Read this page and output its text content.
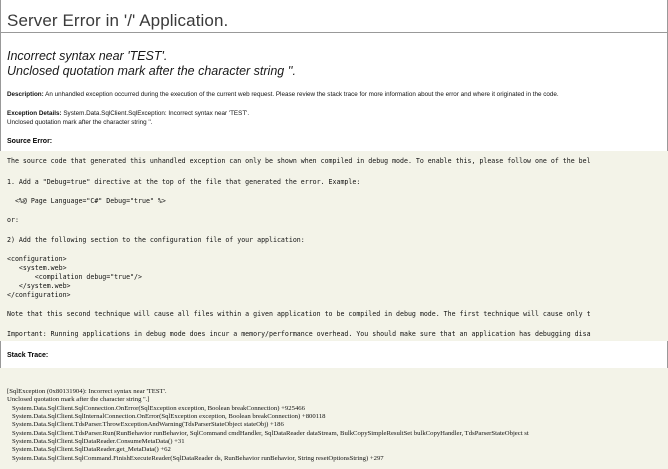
Server Error in '/' Application.
Incorrect syntax near 'TEST'.
Unclosed quotation mark after the character string ''.
Description: An unhandled exception occurred during the execution of the current web request. Please review the stack trace for more information about the error and where it originated in the code.
Exception Details: System.Data.SqlClient.SqlException: Incorrect syntax near 'TEST'.
Unclosed quotation mark after the character string ''.
Source Error:
The source code that generated this unhandled exception can only be shown when compiled in debug mode. To enable this, please follow one of the bel
1. Add a "Debug=true" directive at the top of the file that generated the error. Example:
<%@ Page Language="C#" Debug="true" %>
or:
2) Add the following section to the configuration file of your application:
<configuration>
<system.web>
<compilation debug="true"/>
</system.web>
</configuration>
Note that this second technique will cause all files within a given application to be compiled in debug mode. The first technique will cause only t
Important: Running applications in debug mode does incur a memory/performance overhead. You should make sure that an application has debugging disa
Stack Trace:
[SqlException (0x80131904): Incorrect syntax near 'TEST'.
Unclosed quotation mark after the character string ''.]
System.Data.SqlClient.SqlConnection.OnError(SqlException exception, Boolean breakConnection) +925466
System.Data.SqlClient.SqlInternalConnection.OnError(SqlException exception, Boolean breakConnection) +800118
System.Data.SqlClient.TdsParser.ThrowExceptionAndWarning(TdsParserStateObject stateObj) +186
System.Data.SqlClient.TdsParser.Run(RunBehavior runBehavior, SqlCommand cmdHandler, SqlDataReader dataStream, BulkCopySimpleResultSet bulkCopyHandler, TdsParserStateObject st
System.Data.SqlClient.SqlDataReader.ConsumeMetaData() +31
System.Data.SqlClient.SqlDataReader.get_MetaData() +62
System.Data.SqlClient.SqlCommand.FinishExecuteReader(SqlDataReader ds, RunBehavior runBehavior, String resetOptionsString) +297
